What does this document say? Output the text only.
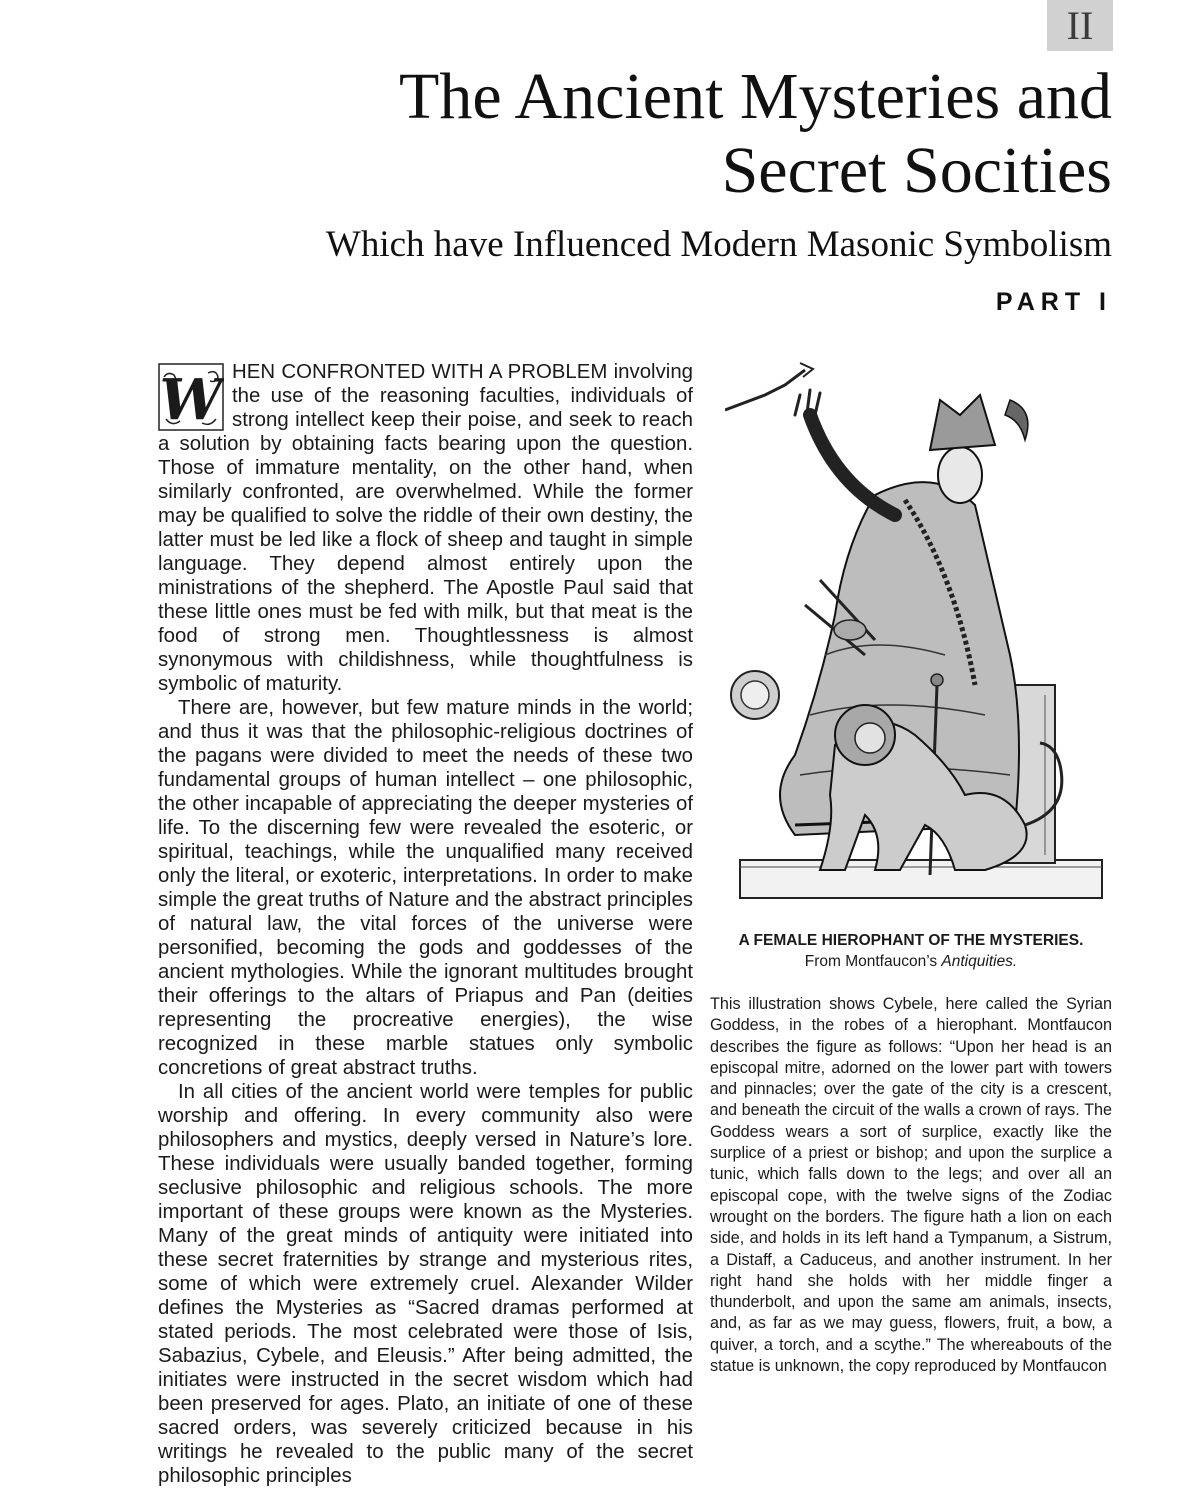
II
The Ancient Mysteries and Secret Socities
Which have Influenced Modern Masonic Symbolism
PART I

W HEN CONFRONTED WITH A PROBLEM involving the use of the reasoning faculties, individuals of strong intellect keep their poise, and seek to reach a solution by obtaining facts bearing upon the question. Those of immature mentality, on the other hand, when similarly confronted, are overwhelmed. While the former may be qualified to solve the riddle of their own destiny, the latter must be led like a flock of sheep and taught in simple language. They depend almost entirely upon the ministrations of the shepherd. The Apostle Paul said that these little ones must be fed with milk, but that meat is the food of strong men. Thoughtlessness is almost synonymous with childishness, while thoughtfulness is symbolic of maturity.

There are, however, but few mature minds in the world; and thus it was that the philosophic-religious doctrines of the pagans were divided to meet the needs of these two fundamental groups of human intellect – one philosophic, the other incapable of appreciating the deeper mysteries of life. To the discerning few were revealed the esoteric, or spiritual, teachings, while the unqualified many received only the literal, or exoteric, interpretations. In order to make simple the great truths of Nature and the abstract principles of natural law, the vital forces of the universe were personified, becoming the gods and goddesses of the ancient mythologies. While the ignorant multitudes brought their offerings to the altars of Priapus and Pan (deities representing the procreative energies), the wise recognized in these marble statues only symbolic concretions of great abstract truths.

In all cities of the ancient world were temples for public worship and offering. In every community also were philosophers and mystics, deeply versed in Nature’s lore. These individuals were usually banded together, forming seclusive philosophic and religious schools. The more important of these groups were known as the Mysteries. Many of the great minds of antiquity were initiated into these secret fraternities by strange and mysterious rites, some of which were extremely cruel. Alexander Wilder defines the Mysteries as “Sacred dramas performed at stated periods. The most celebrated were those of Isis, Sabazius, Cybele, and Eleusis.” After being admitted, the initiates were instructed in the secret wisdom which had been preserved for ages. Plato, an initiate of one of these sacred orders, was severely criticized because in his writings he revealed to the public many of the secret philosophic principles

A FEMALE HIEROPHANT OF THE MYSTERIES.
From Montfaucon’s Antiquities.

This illustration shows Cybele, here called the Syrian Goddess, in the robes of a hierophant. Montfaucon describes the figure as follows: “Upon her head is an episcopal mitre, adorned on the lower part with towers and pinnacles; over the gate of the city is a crescent, and beneath the circuit of the walls a crown of rays. The Goddess wears a sort of surplice, exactly like the surplice of a priest or bishop; and upon the surplice a tunic, which falls down to the legs; and over all an episcopal cope, with the twelve signs of the Zodiac wrought on the borders. The figure hath a lion on each side, and holds in its left hand a Tympanum, a Sistrum, a Distaff, a Caduceus, and another instrument. In her right hand she holds with her middle finger a thunderbolt, and upon the same am animals, insects, and, as far as we may guess, flowers, fruit, a bow, a quiver, a torch, and a scythe.” The whereabouts of the statue is unknown, the copy reproduced by Montfaucon
